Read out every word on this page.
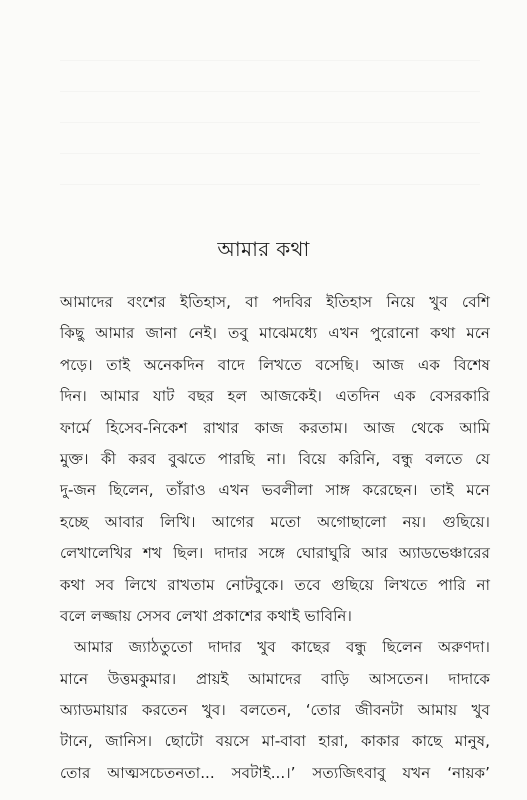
আমার কথা
আমাদের বংশের ইতিহাস, বা পদবির ইতিহাস নিয়ে খুব বেশি
কিছু আমার জানা নেই। তবু মাঝেমধ্যে এখন পুরোনো কথা মনে
পড়ে। তাই অনেকদিন বাদে লিখতে বসেছি। আজ এক বিশেষ
দিন। আমার যাট বছর হল আজকেই। এতদিন এক বেসরকারি
ফার্মে হিসেব-নিকেশ রাখার কাজ করতাম। আজ থেকে আমি
মুক্ত। কী করব বুঝতে পারছি না। বিয়ে করিনি, বন্ধু বলতে যে
দু-জন ছিলেন, তাঁরাও এখন ভবলীলা সাঙ্গ করেছেন। তাই মনে
হচ্ছে আবার লিখি। আগের মতো অগোছালো নয়। গুছিয়ে।
লেখালেখির শখ ছিল। দাদার সঙ্গে ঘোরাঘুরি আর অ্যাডভেঞ্চারের
কথা সব লিখে রাখতাম নোটবুকে। তবে গুছিয়ে লিখতে পারি না
বলে লজ্জায় সেসব লেখা প্রকাশের কথাই ভাবিনি।
আমার জ্যাঠতুতো দাদার খুব কাছের বন্ধু ছিলেন অরুণদা।
মানে উত্তমকুমার। প্রায়ই আমাদের বাড়ি আসতেন। দাদাকে
অ্যাডমায়ার করতেন খুব। বলতেন, ‘তোর জীবনটা আমায় খুব
টানে, জানিস। ছোটো বয়সে মা-বাবা হারা, কাকার কাছে মানুষ,
তোর আত্মসচেতনতা... সবটাই...।’ সত্যজিৎবাবু যখন ‘নায়ক’
